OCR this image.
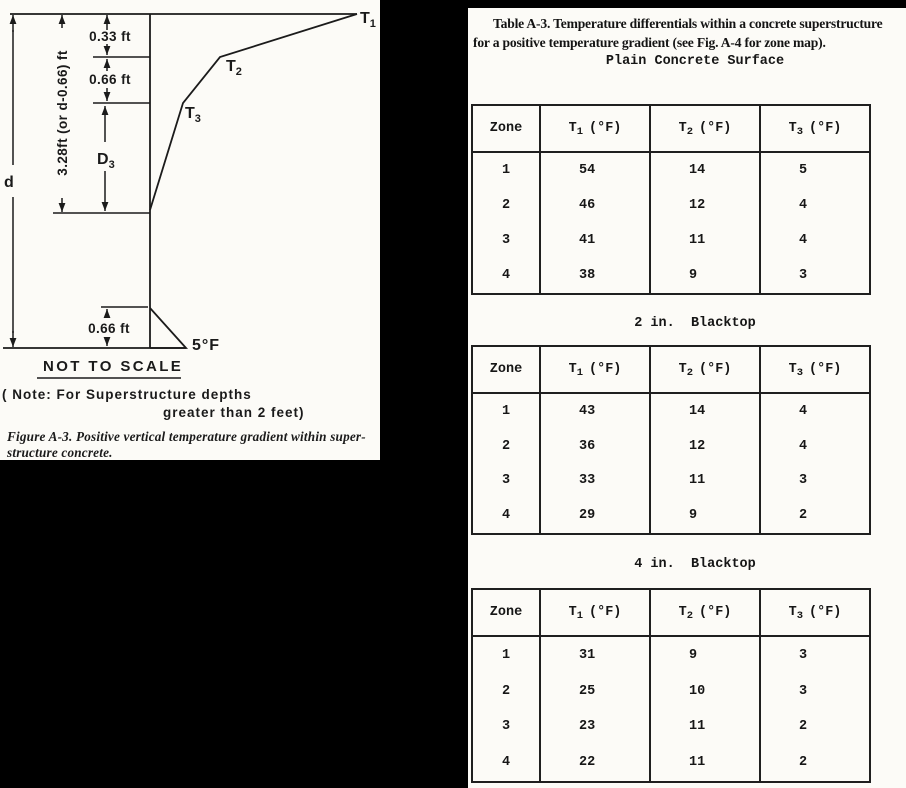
d
3.28ft (or d-0.66) ft
0.33 ft
0.66 ft
$D_3$
0.66 ft
$T_1$
$T_2$
$T_3$
5°F
NOT TO SCALE
( Note: For Superstructure depths
greater than 2 feet)
Figure A-3. Positive vertical temperature gradient within super-
structure concrete.
Table A-3. Temperature differentials within a concrete superstructure
for a positive temperature gradient (see Fig. A-4 for zone map).
Plain Concrete Surface
Zone	$T_1$ (°F)	$T_2$ (°F)	$T_3$ (°F)
1	54	14	5
2	46	12	4
3	41	11	4
4	38	9	3
2 in.  Blacktop
Zone	$T_1$ (°F)	$T_2$ (°F)	$T_3$ (°F)
1	43	14	4
2	36	12	4
3	33	11	3
4	29	9	2
4 in.  Blacktop
Zone	$T_1$ (°F)	$T_2$ (°F)	$T_3$ (°F)
1	31	9	3
2	25	10	3
3	23	11	2
4	22	11	2
